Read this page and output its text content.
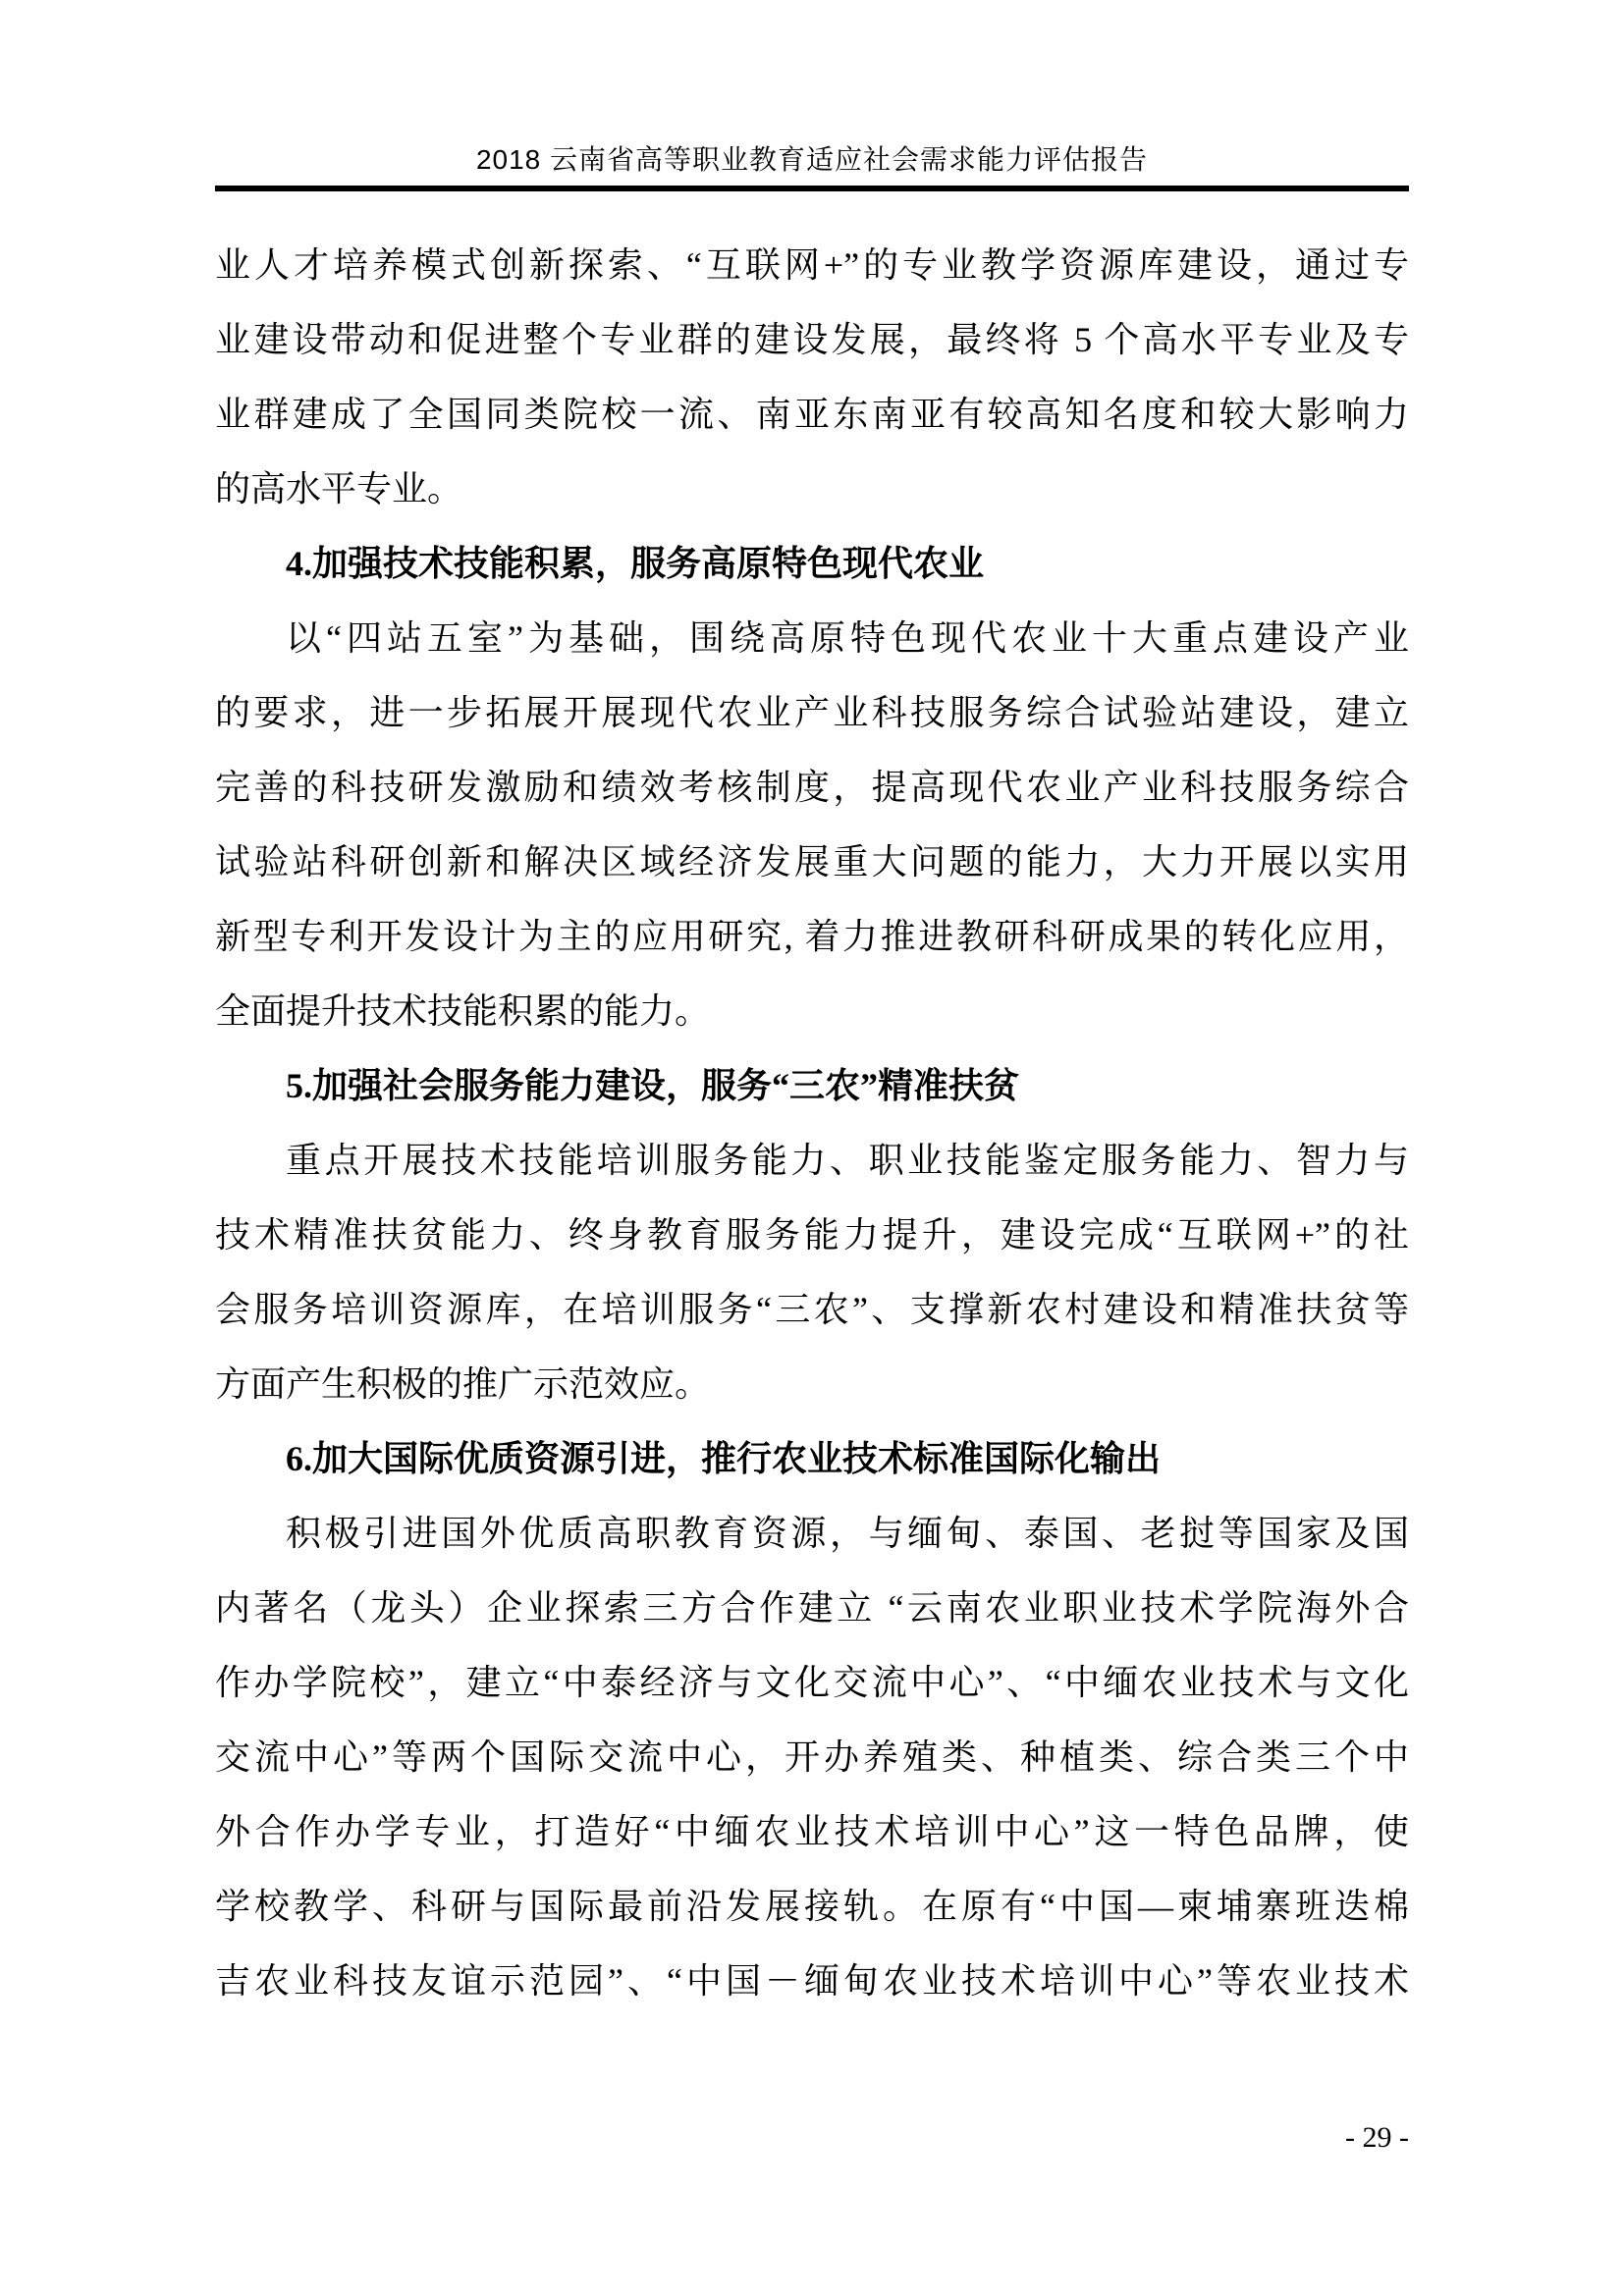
2018 云南省高等职业教育适应社会需求能力评估报告
业人才培养模式创新探索、“互联网+”的专业教学资源库建设，通过专
业建设带动和促进整个专业群的建设发展，最终将 5 个高水平专业及专
业群建成了全国同类院校一流、南亚东南亚有较高知名度和较大影响力
的高水平专业。
4.加强技术技能积累，服务高原特色现代农业
以“四站五室”为基础，围绕高原特色现代农业十大重点建设产业
的要求，进一步拓展开展现代农业产业科技服务综合试验站建设，建立
完善的科技研发激励和绩效考核制度，提高现代农业产业科技服务综合
试验站科研创新和解决区域经济发展重大问题的能力，大力开展以实用
新型专利开发设计为主的应用研究, 着力推进教研科研成果的转化应用，
全面提升技术技能积累的能力。
5.加强社会服务能力建设，服务“三农”精准扶贫
重点开展技术技能培训服务能力、职业技能鉴定服务能力、智力与
技术精准扶贫能力、终身教育服务能力提升，建设完成“互联网+”的社
会服务培训资源库，在培训服务“三农”、支撑新农村建设和精准扶贫等
方面产生积极的推广示范效应。
6.加大国际优质资源引进，推行农业技术标准国际化输出
积极引进国外优质高职教育资源，与缅甸、泰国、老挝等国家及国
内著名（龙头）企业探索三方合作建立 “云南农业职业技术学院海外合
作办学院校”，建立“中泰经济与文化交流中心”、“中缅农业技术与文化
交流中心”等两个国际交流中心，开办养殖类、种植类、综合类三个中
外合作办学专业，打造好“中缅农业技术培训中心”这一特色品牌，使
学校教学、科研与国际最前沿发展接轨。在原有“中国—柬埔寨班迭棉
吉农业科技友谊示范园”、“中国－缅甸农业技术培训中心”等农业技术
- 29 -
